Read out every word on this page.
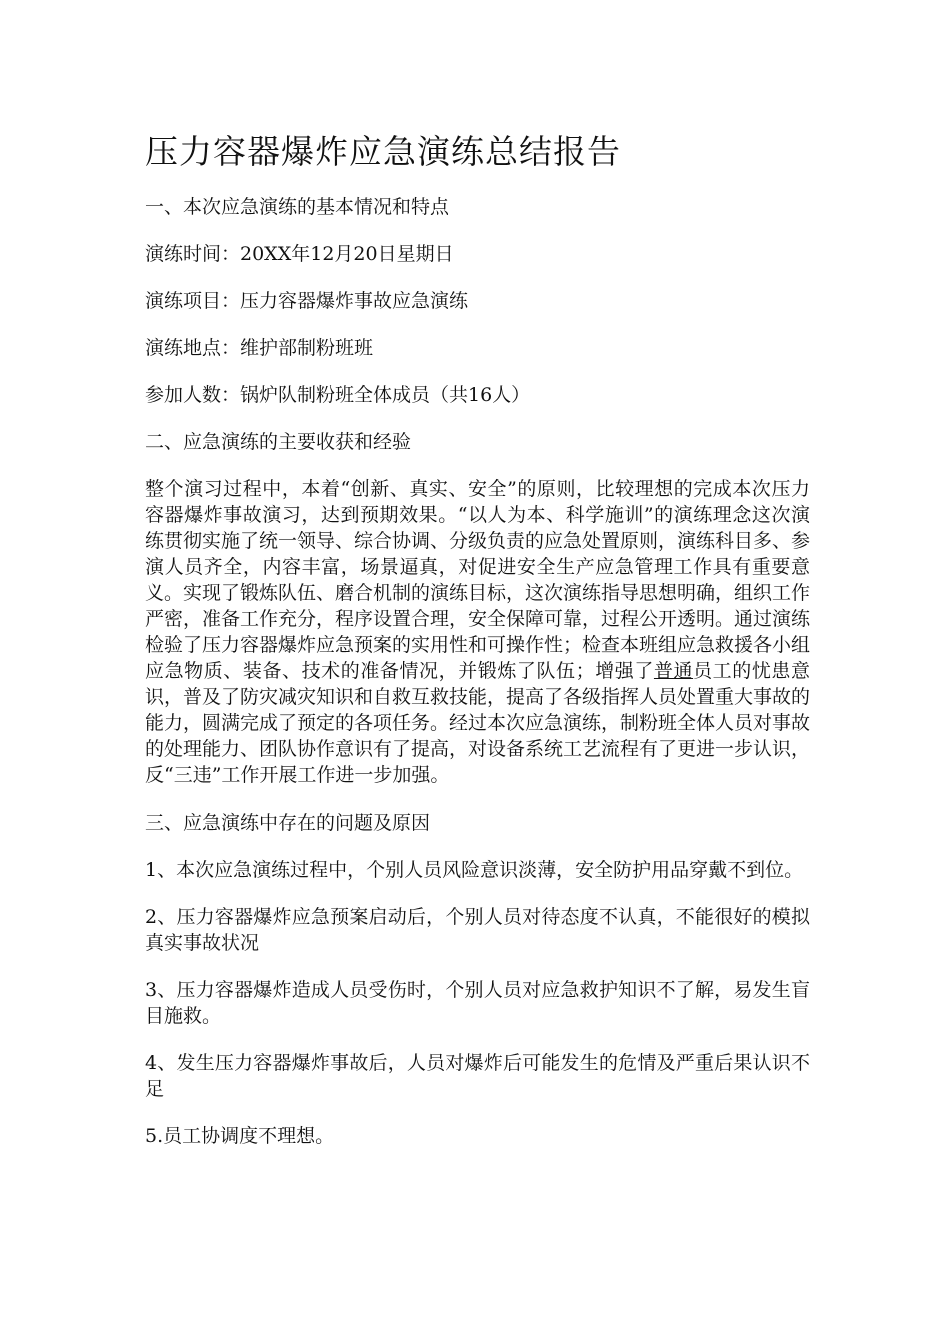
压力容器爆炸应急演练总结报告

一、本次应急演练的基本情况和特点

演练时间：20XX年12月20日星期日

演练项目：压力容器爆炸事故应急演练

演练地点：维护部制粉班班

参加人数：锅炉队制粉班全体成员（共16人）

二、应急演练的主要收获和经验

整个演习过程中，本着“创新、真实、安全”的原则，比较理想的完成本次压力容器爆炸事故演习，达到预期效果。“以人为本、科学施训”的演练理念这次演练贯彻实施了统一领导、综合协调、分级负责的应急处置原则，演练科目多、参演人员齐全，内容丰富，场景逼真，对促进安全生产应急管理工作具有重要意义。实现了锻炼队伍、磨合机制的演练目标，这次演练指导思想明确，组织工作严密，准备工作充分，程序设置合理，安全保障可靠，过程公开透明。通过演练检验了压力容器爆炸应急预案的实用性和可操作性；检查本班组应急救援各小组应急物质、装备、技术的准备情况，并锻炼了队伍；增强了普通员工的忧患意识，普及了防灾减灾知识和自救互救技能，提高了各级指挥人员处置重大事故的能力，圆满完成了预定的各项任务。经过本次应急演练，制粉班全体人员对事故的处理能力、团队协作意识有了提高，对设备系统工艺流程有了更进一步认识，反“三违”工作开展工作进一步加强。

三、应急演练中存在的问题及原因

1、本次应急演练过程中，个别人员风险意识淡薄，安全防护用品穿戴不到位。

2、压力容器爆炸应急预案启动后，个别人员对待态度不认真，不能很好的模拟真实事故状况

3、压力容器爆炸造成人员受伤时，个别人员对应急救护知识不了解，易发生盲目施救。

4、发生压力容器爆炸事故后，人员对爆炸后可能发生的危情及严重后果认识不足

5.员工协调度不理想。
